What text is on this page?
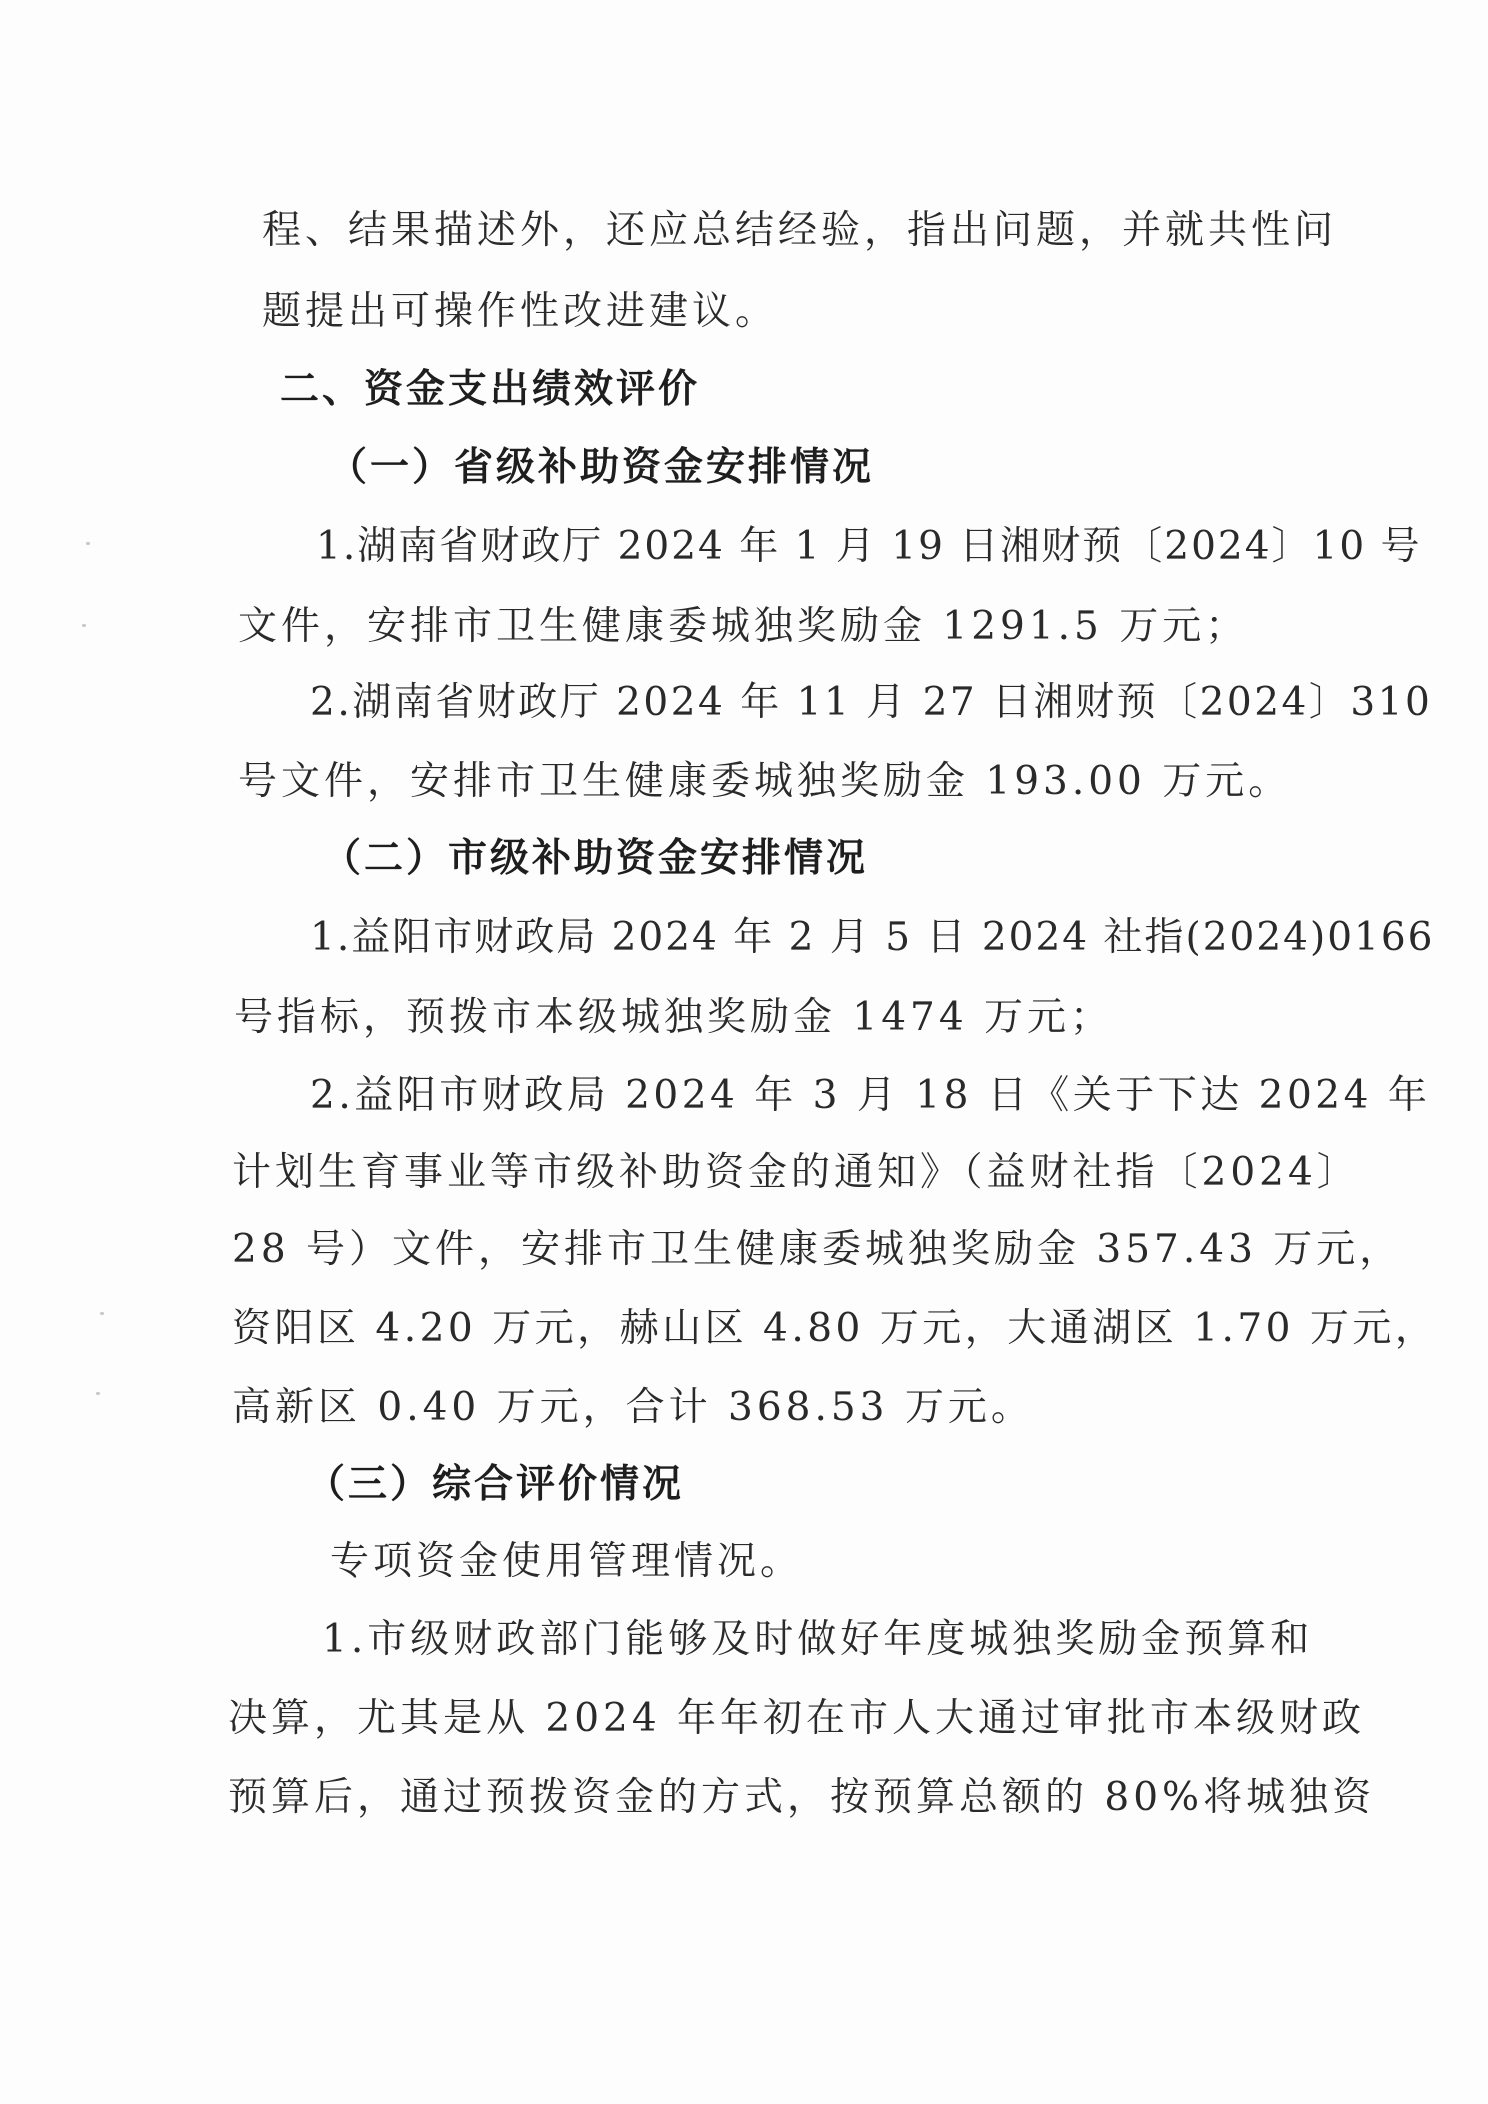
程、结果描述外，还应总结经验，指出问题，并就共性问
题提出可操作性改进建议。
二、资金支出绩效评价
（一）省级补助资金安排情况
1.湖南省财政厅 2024 年 1 月 19 日湘财预〔2024〕10 号
文件，安排市卫生健康委城独奖励金 1291.5 万元；
2.湖南省财政厅 2024 年 11 月 27 日湘财预〔2024〕310
号文件，安排市卫生健康委城独奖励金 193.00 万元。
（二）市级补助资金安排情况
1.益阳市财政局 2024 年 2 月 5 日 2024 社指(2024)0166
号指标，预拨市本级城独奖励金 1474 万元；
2.益阳市财政局 2024 年 3 月 18 日《关于下达 2024 年
计划生育事业等市级补助资金的通知》（益财社指〔2024〕
28 号）文件，安排市卫生健康委城独奖励金 357.43 万元，
资阳区 4.20 万元，赫山区 4.80 万元，大通湖区 1.70 万元，
高新区 0.40 万元，合计 368.53 万元。
（三）综合评价情况
专项资金使用管理情况。
1.市级财政部门能够及时做好年度城独奖励金预算和
决算，尤其是从 2024 年年初在市人大通过审批市本级财政
预算后，通过预拨资金的方式，按预算总额的 80%将城独资
